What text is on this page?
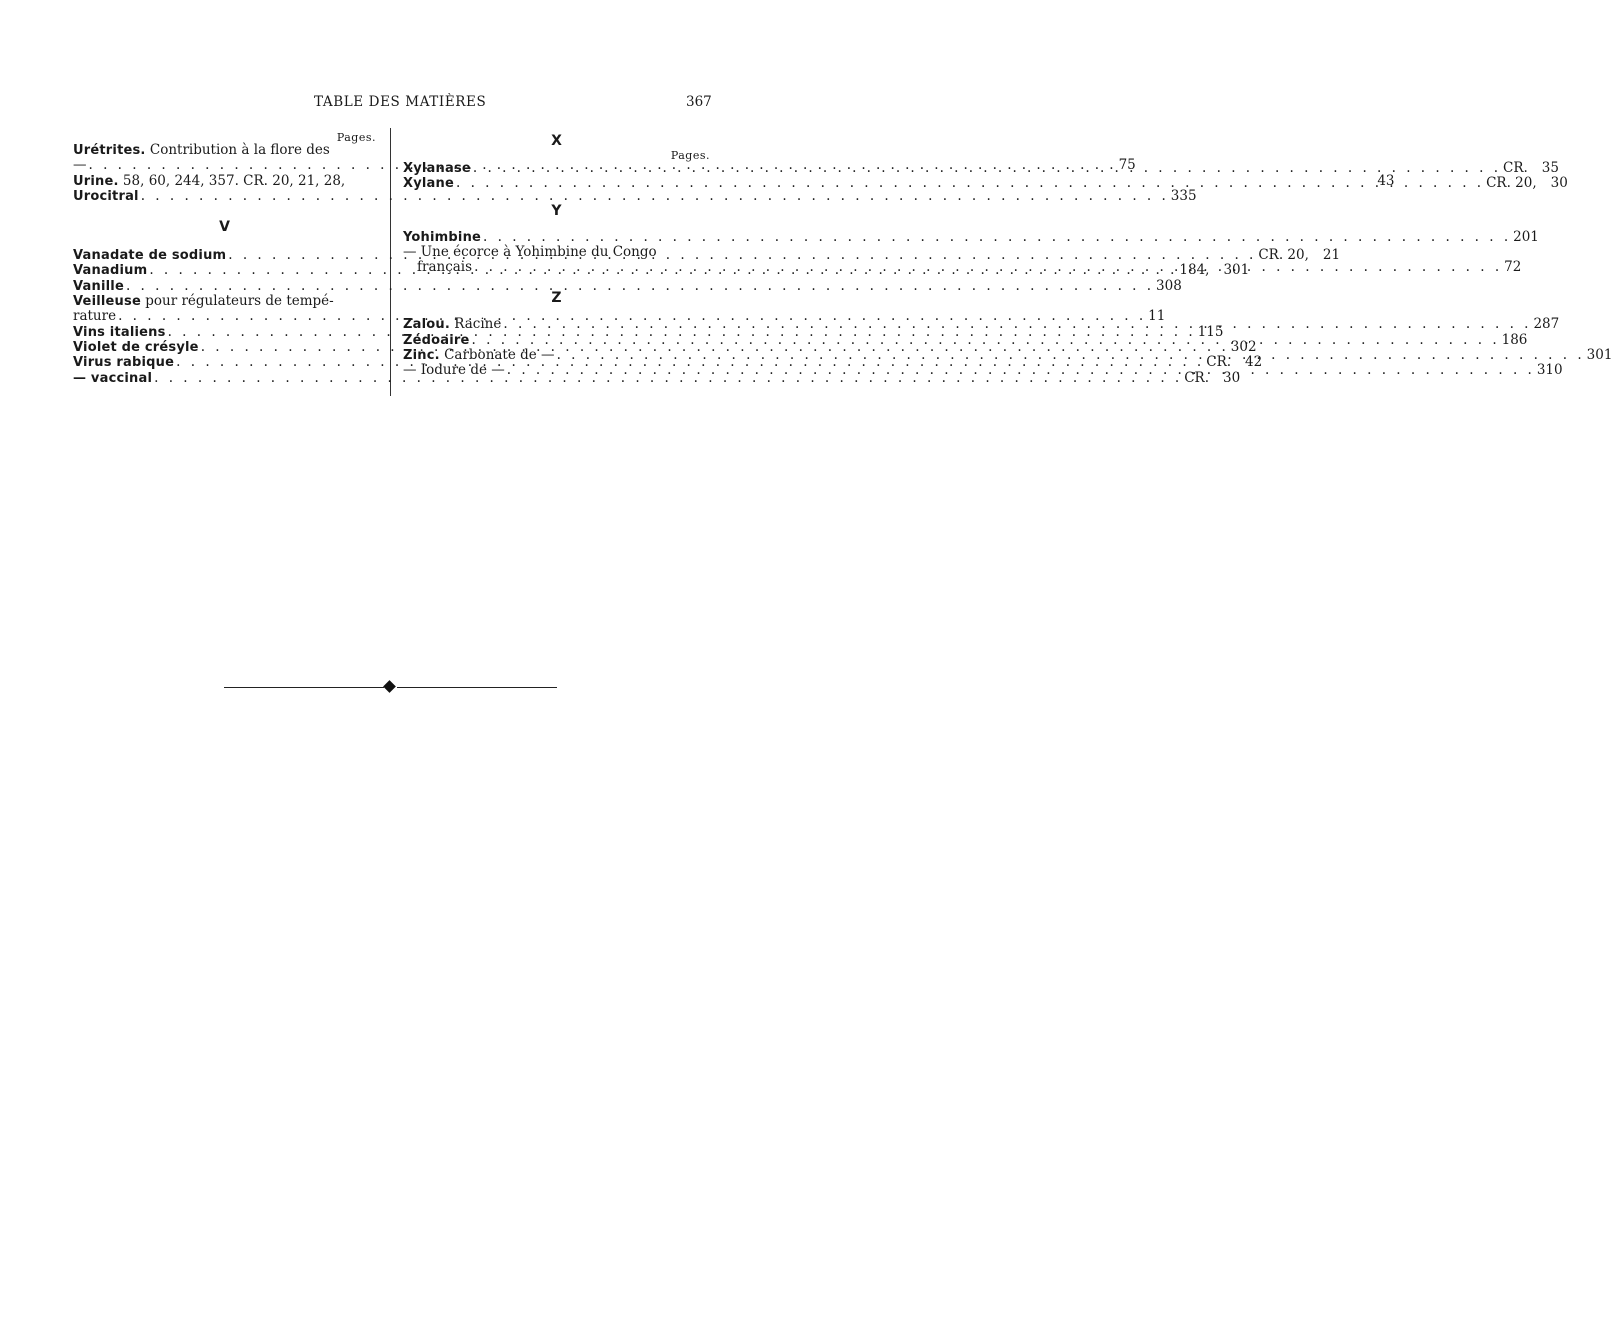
TABLE DES MATIÈRES	367
Pages.
Urétrites. Contribution à la flore des
— . . .	75
Urine. 58, 60, 244, 357. CR. 20, 21, 28,	43
Urocitral . . .	335
V
Vanadate de sodium . . .	CR. 20, 21
Vanadium . . .	184, 301
Vanille . . .	308
Veilleuse pour régulateurs de tempé-
rature . . .	11
Vins italiens . . .	115
Violet de crésyle . . .	302
Virus rabique . . .	CR. 42
— vaccinal . . .	CR. 30
X
Pages.
Xylanase . . .	CR. 35
Xylane . . .	CR. 20, 30
Y
Yohimbine . . .	201
— Une écorce à Yohimbine du Congo
français . . .	72
Z
Zalou. Racine . . .	287
Zédoaire . . .	186
Zinc. Carbonate de — . . .	301
— Iodure de — . . .	310
